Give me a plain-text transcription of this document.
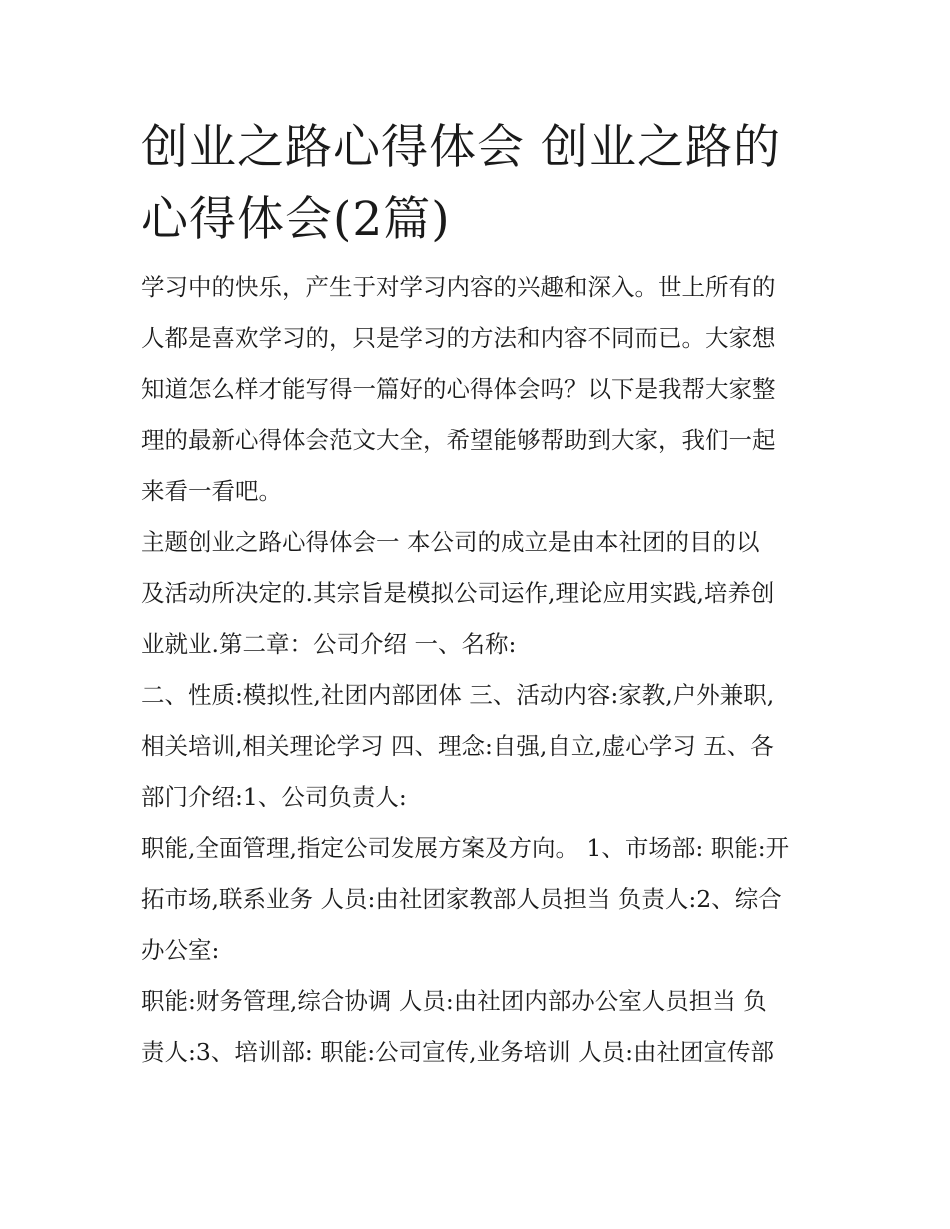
创业之路心得体会 创业之路的
心得体会(2篇)

学习中的快乐，产生于对学习内容的兴趣和深入。世上所有的
人都是喜欢学习的，只是学习的方法和内容不同而已。大家想
知道怎么样才能写得一篇好的心得体会吗？以下是我帮大家整
理的最新心得体会范文大全，希望能够帮助到大家，我们一起
来看一看吧。

主题创业之路心得体会一 本公司的成立是由本社团的目的以
及活动所决定的.其宗旨是模拟公司运作,理论应用实践,培养创
业就业.第二章：公司介绍 一、名称:

二、性质:模拟性,社团内部团体 三、活动内容:家教,户外兼职,
相关培训,相关理论学习 四、理念:自强,自立,虚心学习 五、各
部门介绍:1、公司负责人:

职能,全面管理,指定公司发展方案及方向。 1、市场部: 职能:开
拓市场,联系业务 人员:由社团家教部人员担当 负责人:2、综合
办公室:

职能:财务管理,综合协调 人员:由社团内部办公室人员担当 负
责人:3、培训部: 职能:公司宣传,业务培训 人员:由社团宣传部
